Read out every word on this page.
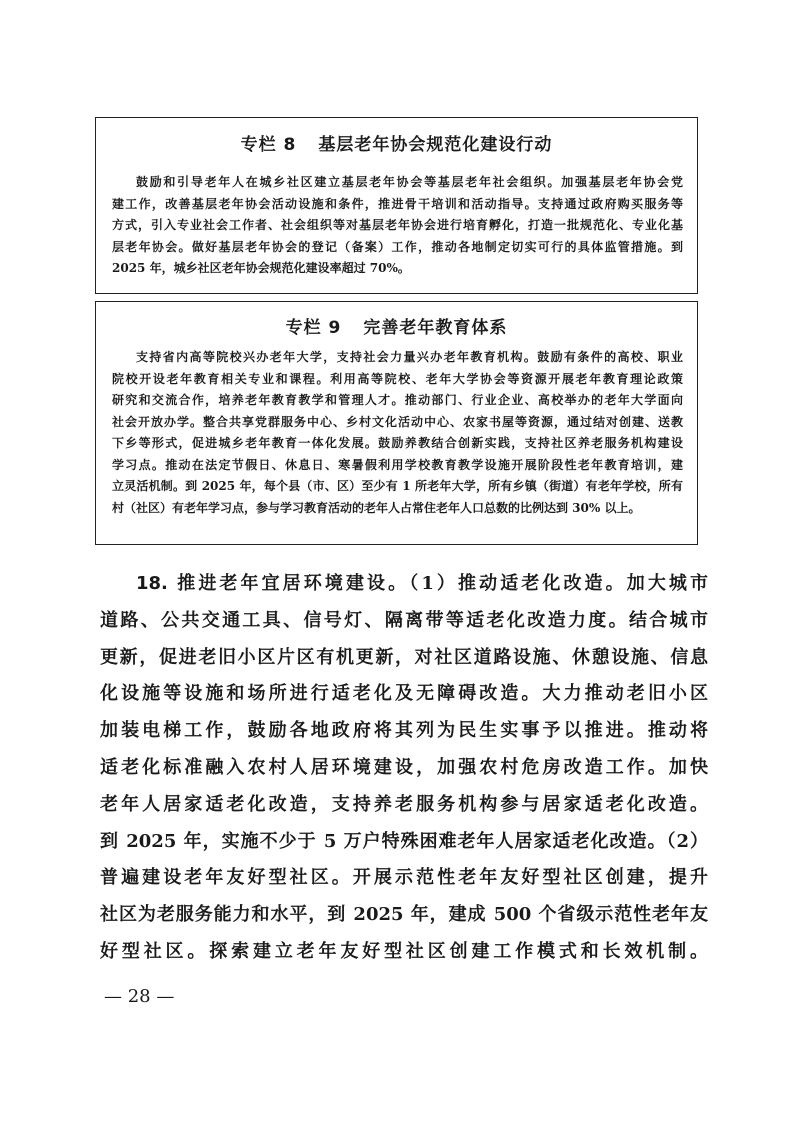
专栏 8 基层老年协会规范化建设行动

鼓励和引导老年人在城乡社区建立基层老年协会等基层老年社会组织。加强基层老年协会党
建工作，改善基层老年协会活动设施和条件，推进骨干培训和活动指导。支持通过政府购买服务等
方式，引入专业社会工作者、社会组织等对基层老年协会进行培育孵化，打造一批规范化、专业化基
层老年协会。做好基层老年协会的登记（备案）工作，推动各地制定切实可行的具体监管措施。到
2025 年，城乡社区老年协会规范化建设率超过 70%。

专栏 9 完善老年教育体系

支持省内高等院校兴办老年大学，支持社会力量兴办老年教育机构。鼓励有条件的高校、职业
院校开设老年教育相关专业和课程。利用高等院校、老年大学协会等资源开展老年教育理论政策
研究和交流合作，培养老年教育教学和管理人才。推动部门、行业企业、高校举办的老年大学面向
社会开放办学。整合共享党群服务中心、乡村文化活动中心、农家书屋等资源，通过结对创建、送教
下乡等形式，促进城乡老年教育一体化发展。鼓励养教结合创新实践，支持社区养老服务机构建设
学习点。推动在法定节假日、休息日、寒暑假利用学校教育教学设施开展阶段性老年教育培训，建
立灵活机制。到 2025 年，每个县（市、区）至少有 1 所老年大学，所有乡镇（街道）有老年学校，所有
村（社区）有老年学习点，参与学习教育活动的老年人占常住老年人口总数的比例达到 30% 以上。

18. 推进老年宜居环境建设。（1）推动适老化改造。加大城市
道路、公共交通工具、信号灯、隔离带等适老化改造力度。结合城市
更新，促进老旧小区片区有机更新，对社区道路设施、休憩设施、信息
化设施等设施和场所进行适老化及无障碍改造。大力推动老旧小区
加装电梯工作，鼓励各地政府将其列为民生实事予以推进。推动将
适老化标准融入农村人居环境建设，加强农村危房改造工作。加快
老年人居家适老化改造，支持养老服务机构参与居家适老化改造。
到 2025 年，实施不少于 5 万户特殊困难老年人居家适老化改造。（2）
普遍建设老年友好型社区。开展示范性老年友好型社区创建，提升
社区为老服务能力和水平，到 2025 年，建成 500 个省级示范性老年友
好型社区。探索建立老年友好型社区创建工作模式和长效机制。

— 28 —
